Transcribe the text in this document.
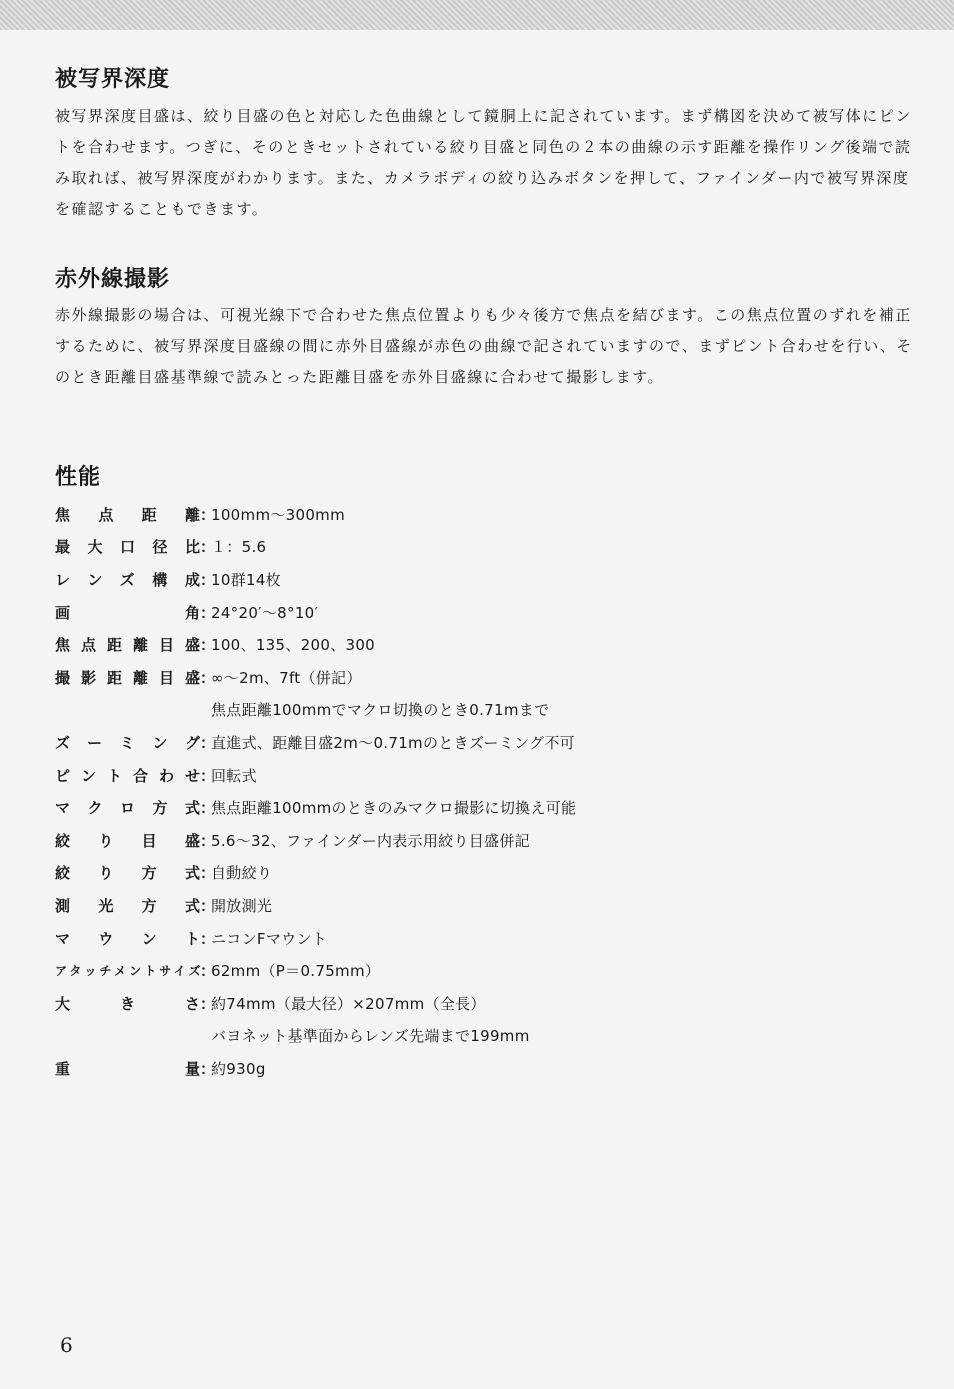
被写界深度

被写界深度目盛は、絞り目盛の色と対応した色曲線として鏡胴上に記されています。まず構図を決めて被写体にピントを合わせます。つぎに、そのときセットされている絞り目盛と同色の２本の曲線の示す距離を操作リング後端で読み取れば、被写界深度がわかります。また、カメラボディの絞り込みボタンを押して、ファインダー内で被写界深度を確認することもできます。

赤外線撮影

赤外線撮影の場合は、可視光線下で合わせた焦点位置よりも少々後方で焦点を結びます。この焦点位置のずれを補正するために、被写界深度目盛線の間に赤外目盛線が赤色の曲線で記されていますので、まずピント合わせを行い、そのとき距離目盛基準線で読みとった距離目盛を赤外目盛線に合わせて撮影します。

性能
焦点距離 ：
100mm～300mm
最大口径比 ：
１：5.6
レンズ構成 ：
10群14枚
画角 ：
24°20′～8°10′
焦点距離目盛 ：
100、135、200、300
撮影距離目盛 ：
∞～2m、7ft（併記）
焦点距離100mmでマクロ切換のとき0.71mまで
ズーミング ：
直進式、距離目盛2m～0.71mのときズーミング不可
ピント合わせ ：
回転式
マクロ方式 ：
焦点距離100mmのときのみマクロ撮影に切換え可能
絞り目盛 ：
5.6～32、ファインダー内表示用絞り目盛併記
絞り方式 ：
自動絞り
測光方式 ：
開放測光
マウント ：
ニコンFマウント
アタッチメントサイズ ：
62mm（P＝0.75mm）
大きさ ：
約74mm（最大径）×207mm（全長）
バヨネット基準面からレンズ先端まで199mm
重量 ：
約930g
6
